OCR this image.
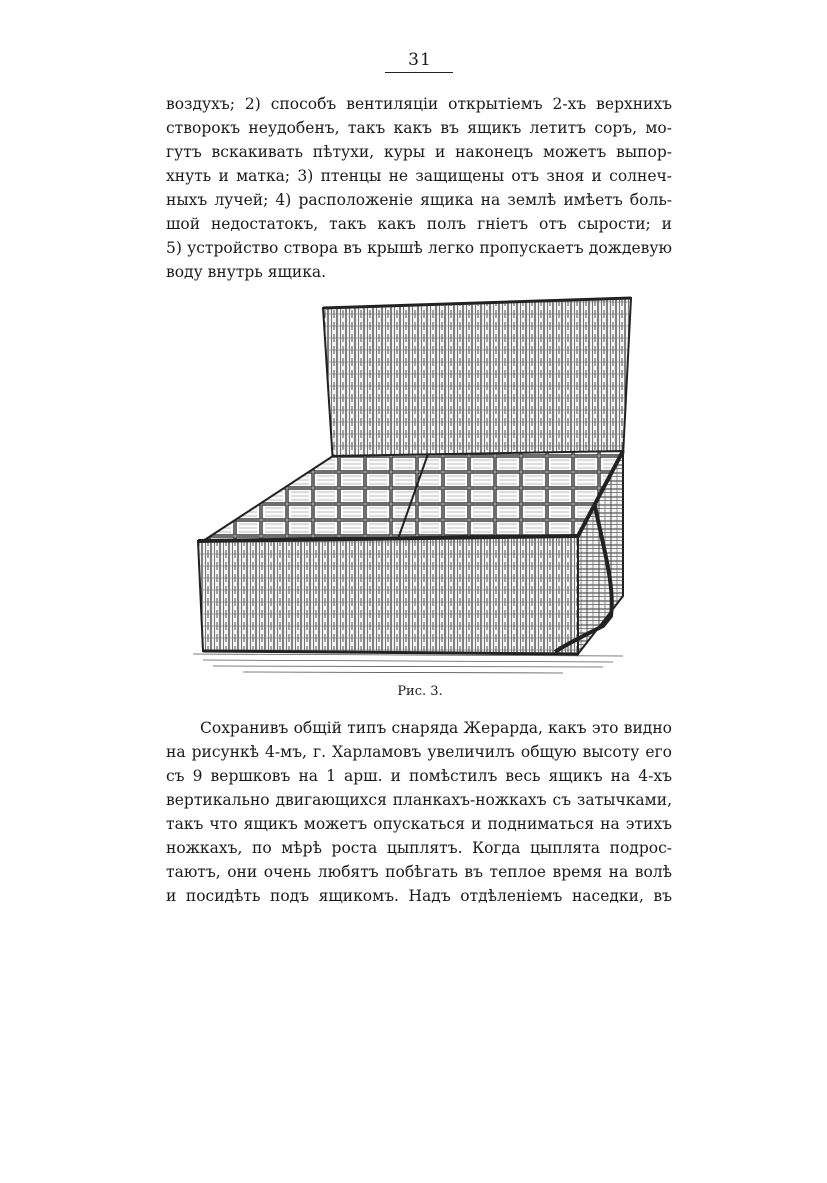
31
воздухъ; 2) способъ вентиляціи открытіемъ 2-хъ верхнихъ
створокъ неудобенъ, такъ какъ въ ящикъ летитъ соръ, мо-
гутъ вскакивать пѣтухи, куры и наконецъ можетъ выпор-
хнуть и матка; 3) птенцы не защищены отъ зноя и солнеч-
ныхъ лучей; 4) расположеніе ящика на землѣ имѣетъ боль-
шой недостатокъ, такъ какъ полъ гніетъ отъ сырости; и
5) устройство створа въ крышѣ легко пропускаетъ дождевую
воду внутрь ящика.
Рис. 3.
Сохранивъ общій типъ снаряда Жерарда, какъ это видно
на рисункѣ 4-мъ, г. Харламовъ увеличилъ общую высоту его
съ 9 вершковъ на 1 арш. и помѣстилъ весь ящикъ на 4-хъ
вертикально двигающихся планкахъ-ножкахъ съ затычками,
такъ что ящикъ можетъ опускаться и подниматься на этихъ
ножкахъ, по мѣрѣ роста цыплятъ. Когда цыплята подрос-
таютъ, они очень любятъ побѣгать въ теплое время на волѣ
и посидѣть подъ ящикомъ. Надъ отдѣленіемъ наседки, въ
